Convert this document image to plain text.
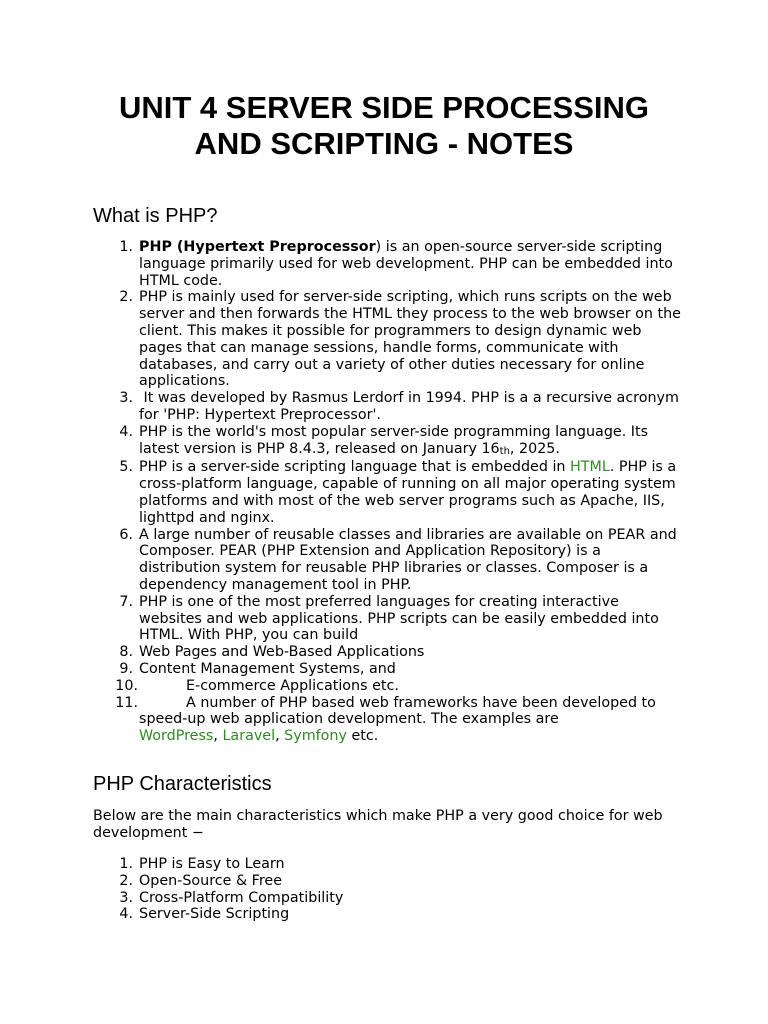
UNIT 4 SERVER SIDE PROCESSING
AND SCRIPTING - NOTES
What is PHP?
1. PHP (Hypertext Preprocessor) is an open-source server-side scripting language primarily used for web development. PHP can be embedded into HTML code.
2. PHP is mainly used for server-side scripting, which runs scripts on the web server and then forwards the HTML they process to the web browser on the client. This makes it possible for programmers to design dynamic web pages that can manage sessions, handle forms, communicate with databases, and carry out a variety of other duties necessary for online applications.
3. It was developed by Rasmus Lerdorf in 1994. PHP is a a recursive acronym for 'PHP: Hypertext Preprocessor'.
4. PHP is the world's most popular server-side programming language. Its latest version is PHP 8.4.3, released on January $16_{th}$, 2025.
5. PHP is a server-side scripting language that is embedded in HTML. PHP is a cross-platform language, capable of running on all major operating system platforms and with most of the web server programs such as Apache, IIS, lighttpd and nginx.
6. A large number of reusable classes and libraries are available on PEAR and Composer. PEAR (PHP Extension and Application Repository) is a distribution system for reusable PHP libraries or classes. Composer is a dependency management tool in PHP.
7. PHP is one of the most preferred languages for creating interactive websites and web applications. PHP scripts can be easily embedded into HTML. With PHP, you can build
8. Web Pages and Web-Based Applications
9. Content Management Systems, and
10.	E-commerce Applications etc.
11.	A number of PHP based web frameworks have been developed to speed-up web application development. The examples are WordPress, Laravel, Symfony etc.
PHP Characteristics

Below are the main characteristics which make PHP a very good choice for web development −

1. PHP is Easy to Learn
2. Open-Source & Free
3. Cross-Platform Compatibility
4. Server-Side Scripting
